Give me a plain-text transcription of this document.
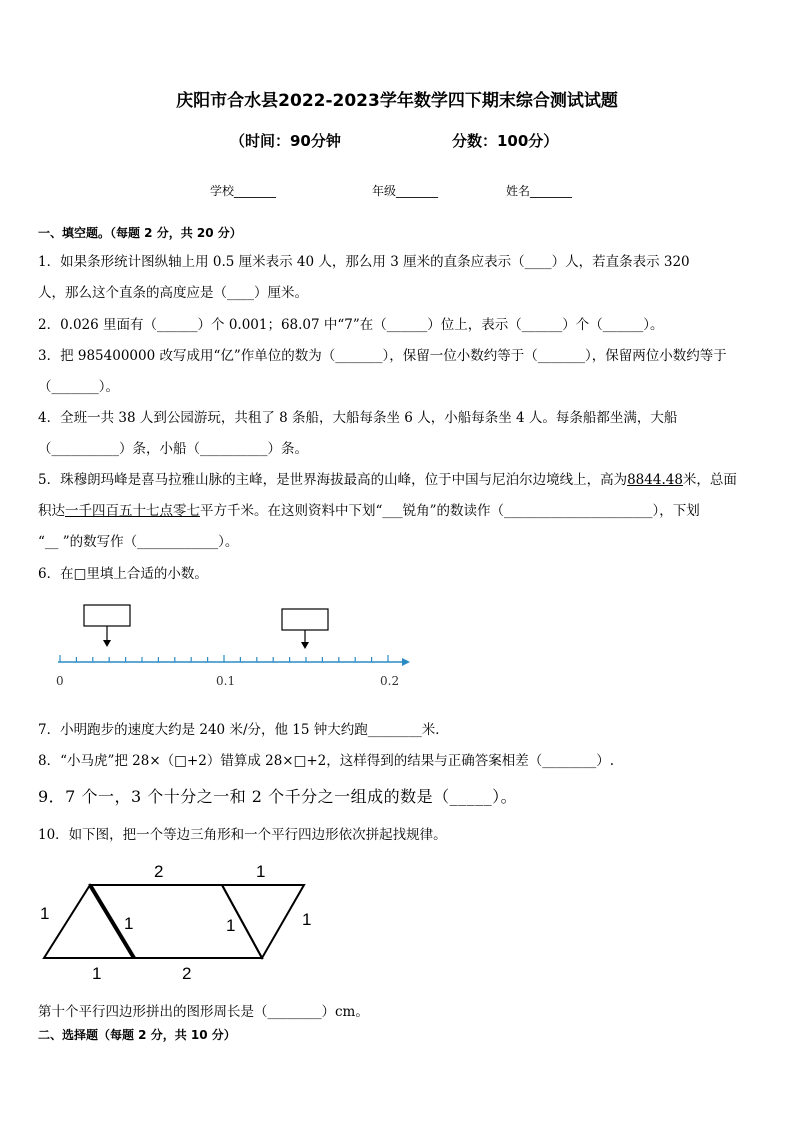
庆阳市合水县2022-2023学年数学四下期末综合测试试题
（时间：90分钟	分数：100分）
学校_______	年级_______	姓名_______
一、填空题。（每题 2 分，共 20 分）
1．如果条形统计图纵轴上用 0.5 厘米表示 40 人，那么用 3 厘米的直条应表示（____）人，若直条表示 320
人，那么这个直条的高度应是（____）厘米。
2．0.026 里面有（______）个 0.001；68.07 中“7”在（______）位上，表示（______）个（______）。
3．把 985400000 改写成用“亿”作单位的数为（_______），保留一位小数约等于（_______），保留两位小数约等于
（_______）。
4．全班一共 38 人到公园游玩，共租了 8 条船，大船每条坐 6 人，小船每条坐 4 人。每条船都坐满，大船
（__________）条，小船（__________）条。
5．珠穆朗玛峰是喜马拉雅山脉的主峰，是世界海拔最高的山峰，位于中国与尼泊尔边境线上，高为8844.48米，总面
积达一千四百五十七点零七平方千米。在这则资料中下划“___锐角”的数读作（______________________），下划
“__ ”的数写作（____________）。
6．在□里填上合适的小数。
0	0.1	0.2
7．小明跑步的速度大约是 240 米/分，他 15 钟大约跑________米．
8．“小马虎”把 28×（□+2）错算成 28×□+2，这样得到的结果与正确答案相差（________）.
9．7 个一，3 个十分之一和 2 个千分之一组成的数是（_____）。
10．如下图，把一个等边三角形和一个平行四边形依次拼起找规律。
1
2	1
1	1	1
1	2
第十个平行四边形拼出的图形周长是（________）cm。
二、选择题（每题 2 分，共 10 分）
